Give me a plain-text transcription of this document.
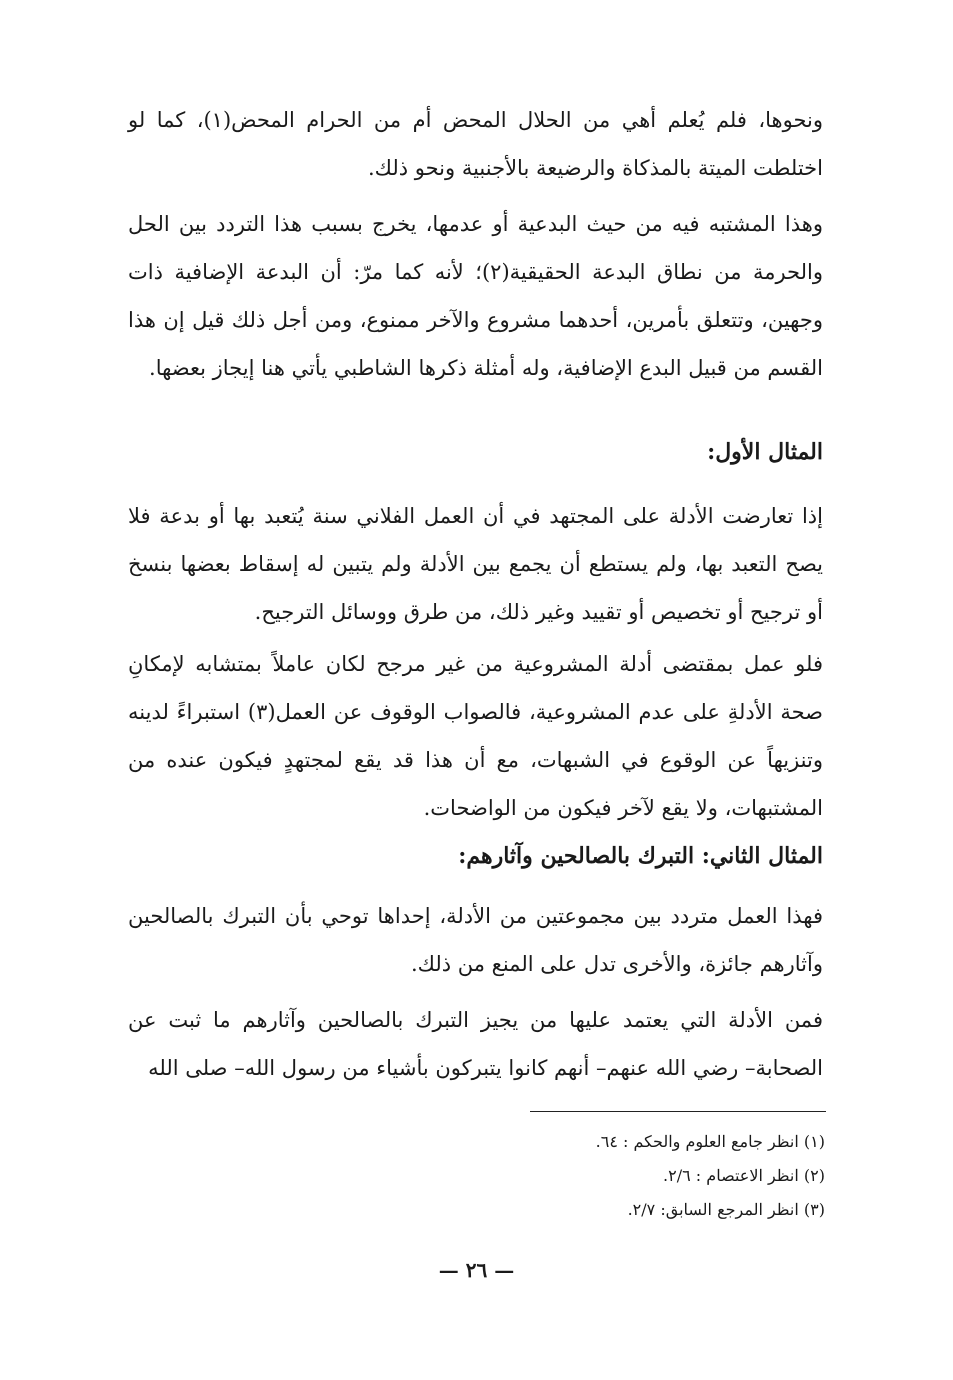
ونحوها، فلم يُعلم أهي من الحلال المحض أم من الحرام المحض(١)، كما لو اختلطت الميتة بالمذكاة والرضيعة بالأجنبية ونحو ذلك.

وهذا المشتبه فيه من حيث البدعية أو عدمها، يخرج بسبب هذا التردد بين الحل والحرمة من نطاق البدعة الحقيقية(٢)؛ لأنه كما مرّ: أن البدعة الإضافية ذات وجهين، وتتعلق بأمرين، أحدهما مشروع والآخر ممنوع، ومن أجل ذلك قيل إن هذا القسم من قبيل البدع الإضافية، وله أمثلة ذكرها الشاطبي يأتي هنا إيجاز بعضها.

المثال الأول:

إذا تعارضت الأدلة على المجتهد في أن العمل الفلاني سنة يُتعبد بها أو بدعة فلا يصح التعبد بها، ولم يستطع أن يجمع بين الأدلة ولم يتبين له إسقاط بعضها بنسخ أو ترجيح أو تخصيص أو تقييد وغير ذلك، من طرق ووسائل الترجيح.

فلو عمل بمقتضى أدلة المشروعية من غير مرجح لكان عاملاً بمتشابه لإمكانِ صحة الأدلةِ على عدم المشروعية، فالصواب الوقوف عن العمل(٣) استبراءً لدينه وتنزيهاً عن الوقوع في الشبهات، مع أن هذا قد يقع لمجتهدٍ فيكون عنده من المشتبهات، ولا يقع لآخر فيكون من الواضحات.

المثال الثاني: التبرك بالصالحين وآثارهم:

فهذا العمل متردد بين مجموعتين من الأدلة، إحداها توحي بأن التبرك بالصالحين وآثارهم جائزة، والأخرى تدل على المنع من ذلك.

فمن الأدلة التي يعتمد عليها من يجيز التبرك بالصالحين وآثارهم ما ثبت عن الصحابة– رضي الله عنهم– أنهم كانوا يتبركون بأشياء من رسول الله– صلى الله

(١) انظر جامع العلوم والحكم : ٦٤.

(٢) انظر الاعتصام : ٢/٦.

(٣) انظر المرجع السابق: ٢/٧.

— ٢٦ —
